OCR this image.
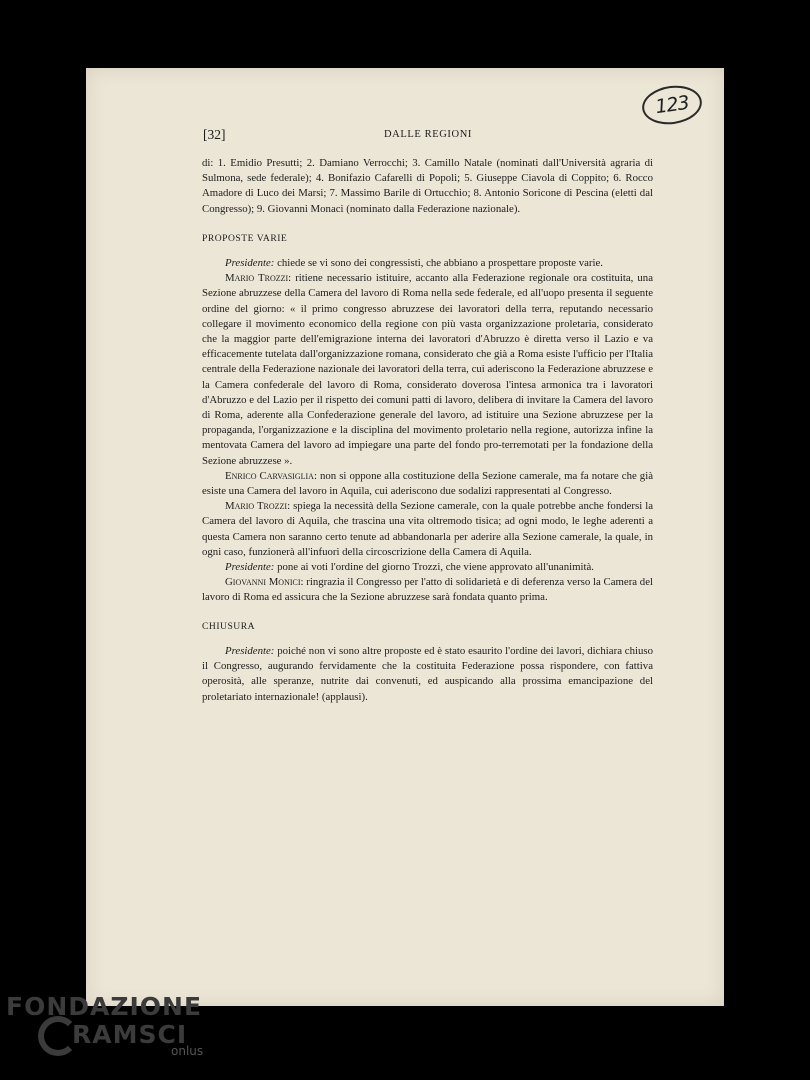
123
[32]	DALLE REGIONI

di: 1. Emidio Presutti; 2. Damiano Verrocchi; 3. Camillo Natale (nominati dall'Università agraria di Sulmona, sede federale); 4. Bonifazio Cafarelli di Popoli; 5. Giuseppe Ciavola di Coppito; 6. Rocco Amadore di Luco dei Marsi; 7. Massimo Barile di Ortucchio; 8. Antonio Soricone di Pescina (eletti dal Congresso); 9. Giovanni Monaci (nominato dalla Federazione nazionale).

PROPOSTE VARIE

Presidente: chiede se vi sono dei congressisti, che abbiano a prospettare proposte varie.

Mario Trozzi: ritiene necessario istituire, accanto alla Federazione regionale ora costituita, una Sezione abruzzese della Camera del lavoro di Roma nella sede federale, ed all'uopo presenta il seguente ordine del giorno: « il primo congresso abruzzese dei lavoratori della terra, reputando necessario collegare il movimento economico della regione con più vasta organizzazione proletaria, considerato che la maggior parte dell'emigrazione interna dei lavoratori d'Abruzzo è diretta verso il Lazio e va efficacemente tutelata dall'organizzazione romana, considerato che già a Roma esiste l'ufficio per l'Italia centrale della Federazione nazionale dei lavoratori della terra, cui aderiscono la Federazione abruzzese e la Camera confederale del lavoro di Roma, considerato doverosa l'intesa armonica tra i lavoratori d'Abruzzo e del Lazio per il rispetto dei comuni patti di lavoro, delibera di invitare la Camera del lavoro di Roma, aderente alla Confederazione generale del lavoro, ad istituire una Sezione abruzzese per la propaganda, l'organizzazione e la disciplina del movimento proletario nella regione, autorizza infine la mentovata Camera del lavoro ad impiegare una parte del fondo pro-terremotati per la fondazione della Sezione abruzzese ».

Enrico Carvasiglia: non si oppone alla costituzione della Sezione camerale, ma fa notare che già esiste una Camera del lavoro in Aquila, cui aderiscono due sodalizi rappresentati al Congresso.

Mario Trozzi: spiega la necessità della Sezione camerale, con la quale potrebbe anche fondersi la Camera del lavoro di Aquila, che trascina una vita oltremodo tisica; ad ogni modo, le leghe aderenti a questa Camera non saranno certo tenute ad abbandonarla per aderire alla Sezione camerale, la quale, in ogni caso, funzionerà all'infuori della circoscrizione della Camera di Aquila.

Presidente: pone ai voti l'ordine del giorno Trozzi, che viene approvato all'unanimità.

Giovanni Monici: ringrazia il Congresso per l'atto di solidarietà e di deferenza verso la Camera del lavoro di Roma ed assicura che la Sezione abruzzese sarà fondata quanto prima.

CHIUSURA

Presidente: poiché non vi sono altre proposte ed è stato esaurito l'ordine dei lavori, dichiara chiuso il Congresso, augurando fervidamente che la costituita Federazione possa rispondere, con fattiva operosità, alle speranze, nutrite dai convenuti, ed auspicando alla prossima emancipazione del proletariato internazionale! (applausi).

FONDAZIONE
RAMSCI
onlus
